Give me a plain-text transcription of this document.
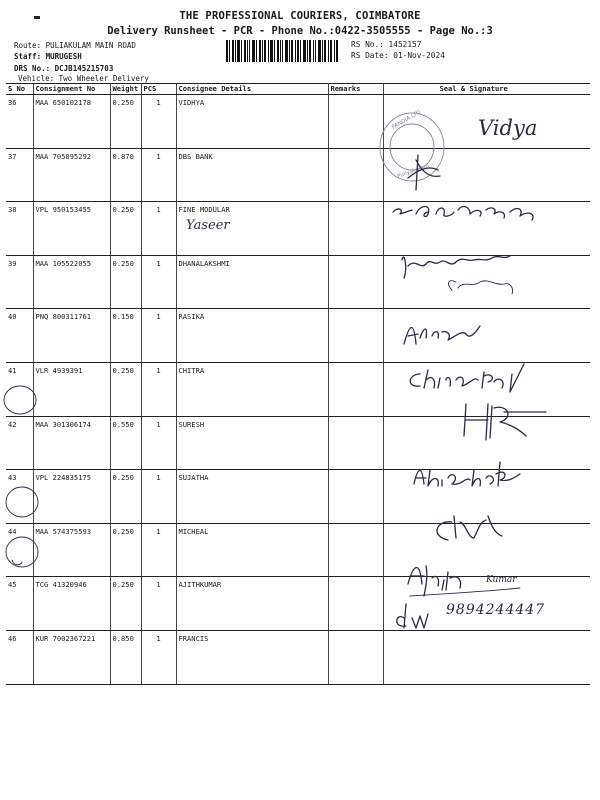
THE PROFESSIONAL COURIERS, COIMBATORE
Delivery Runsheet - PCR - Phone No.:0422-3505555 - Page No.:3
Route: PULIAKULAM MAIN ROAD
Staff: MURUGESH
DRS No.: DCJB145215703
Vehicle: Two Wheeler Delivery
RS No.: 1452157
RS Date: 01-Nov-2024
S No	Consignment No	Weight	PCS	Consignee Details	Remarks	Seal & Signature
36	MAA 650102178	0.250	1	VIDHYA		
37	MAA 705095292	0.870	1	DBS BANK		
38	VPL 950153455	0.250	1	FINE MODULAR		
39	MAA 105522055	0.250	1	DHANALAKSHMI		
40	PNQ 800311761	0.150	1	RASIKA		
41	VLR 4939391	0.250	1	CHITRA		
42	MAA 301306174	0.550	1	SURESH		
43	VPL 224835175	0.250	1	SUJATHA		
44	MAA 574375593	0.250	1	MICHEAL		
45	TCG 41320946	0.250	1	AJITHKUMAR		
46	KUR 7002367221	0.850	1	FRANCIS		
PANDIA LTD
Puliyakulam
Kumar
Vidya
Yaseer
9894244447
